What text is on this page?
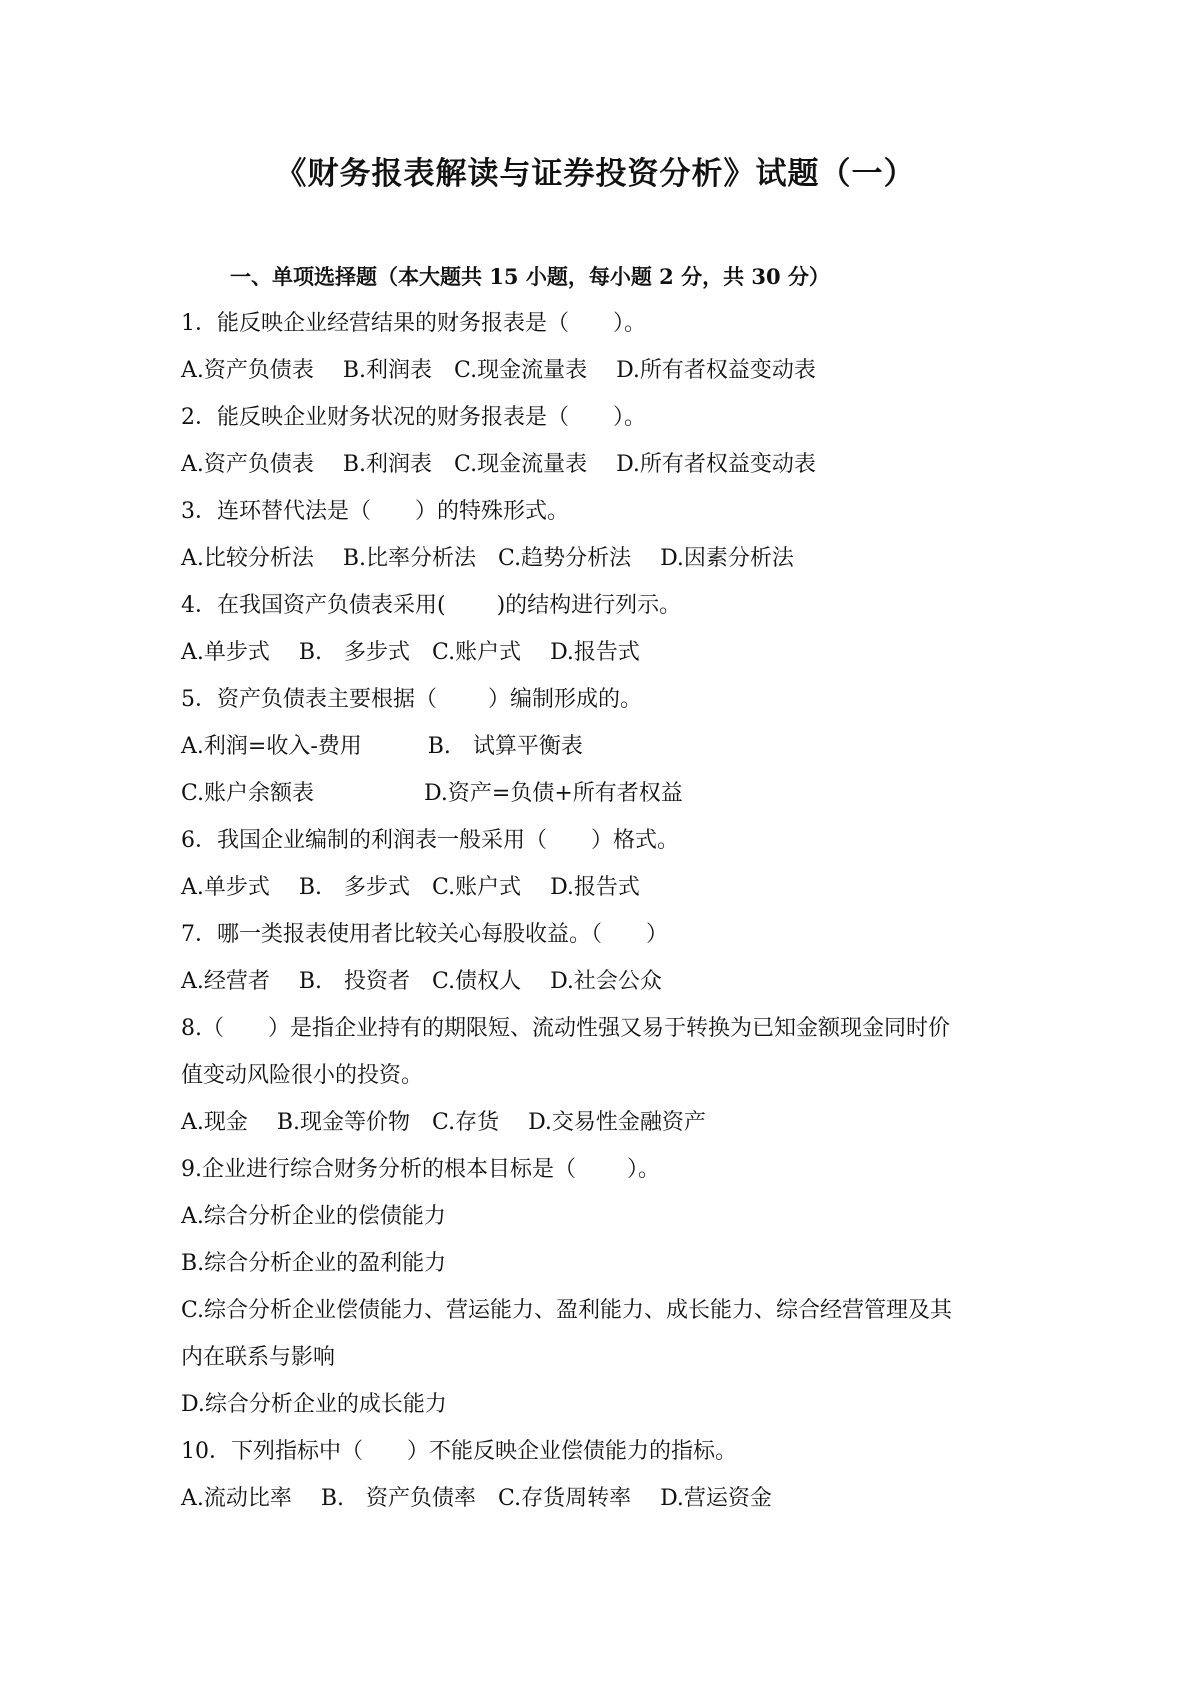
《财务报表解读与证券投资分析》试题（一）
一、单项选择题（本大题共 15 小题，每小题 2 分，共 30 分）
1．能反映企业经营结果的财务报表是（　　）。
A.资产负债表　 B.利润表　C.现金流量表　 D.所有者权益变动表
2．能反映企业财务状况的财务报表是（　　）。
A.资产负债表　 B.利润表　C.现金流量表　 D.所有者权益变动表
3．连环替代法是（　　）的特殊形式。
A.比较分析法　 B.比率分析法　C.趋势分析法　 D.因素分析法
4．在我国资产负债表采用(　　 )的结构进行列示。
A.单步式　 B.　多步式　C.账户式　 D.报告式
5．资产负债表主要根据（　　 ）编制形成的。
A.利润=收入-费用　　　B.　试算平衡表
C.账户余额表　　　　　D.资产=负债+所有者权益
6．我国企业编制的利润表一般采用（　　）格式。
A.单步式　 B.　多步式　C.账户式　 D.报告式
7．哪一类报表使用者比较关心每股收益。（　　）
A.经营者　 B.　投资者　C.债权人　 D.社会公众
8.（　　）是指企业持有的期限短、流动性强又易于转换为已知金额现金同时价
值变动风险很小的投资。
A.现金　 B.现金等价物　C.存货　 D.交易性金融资产
9.企业进行综合财务分析的根本目标是（　　 ）。
A.综合分析企业的偿债能力
B.综合分析企业的盈利能力
C.综合分析企业偿债能力、营运能力、盈利能力、成长能力、综合经营管理及其
内在联系与影响
D.综合分析企业的成长能力
10．下列指标中（　　）不能反映企业偿债能力的指标。
A.流动比率　 B.　资产负债率　C.存货周转率　 D.营运资金
